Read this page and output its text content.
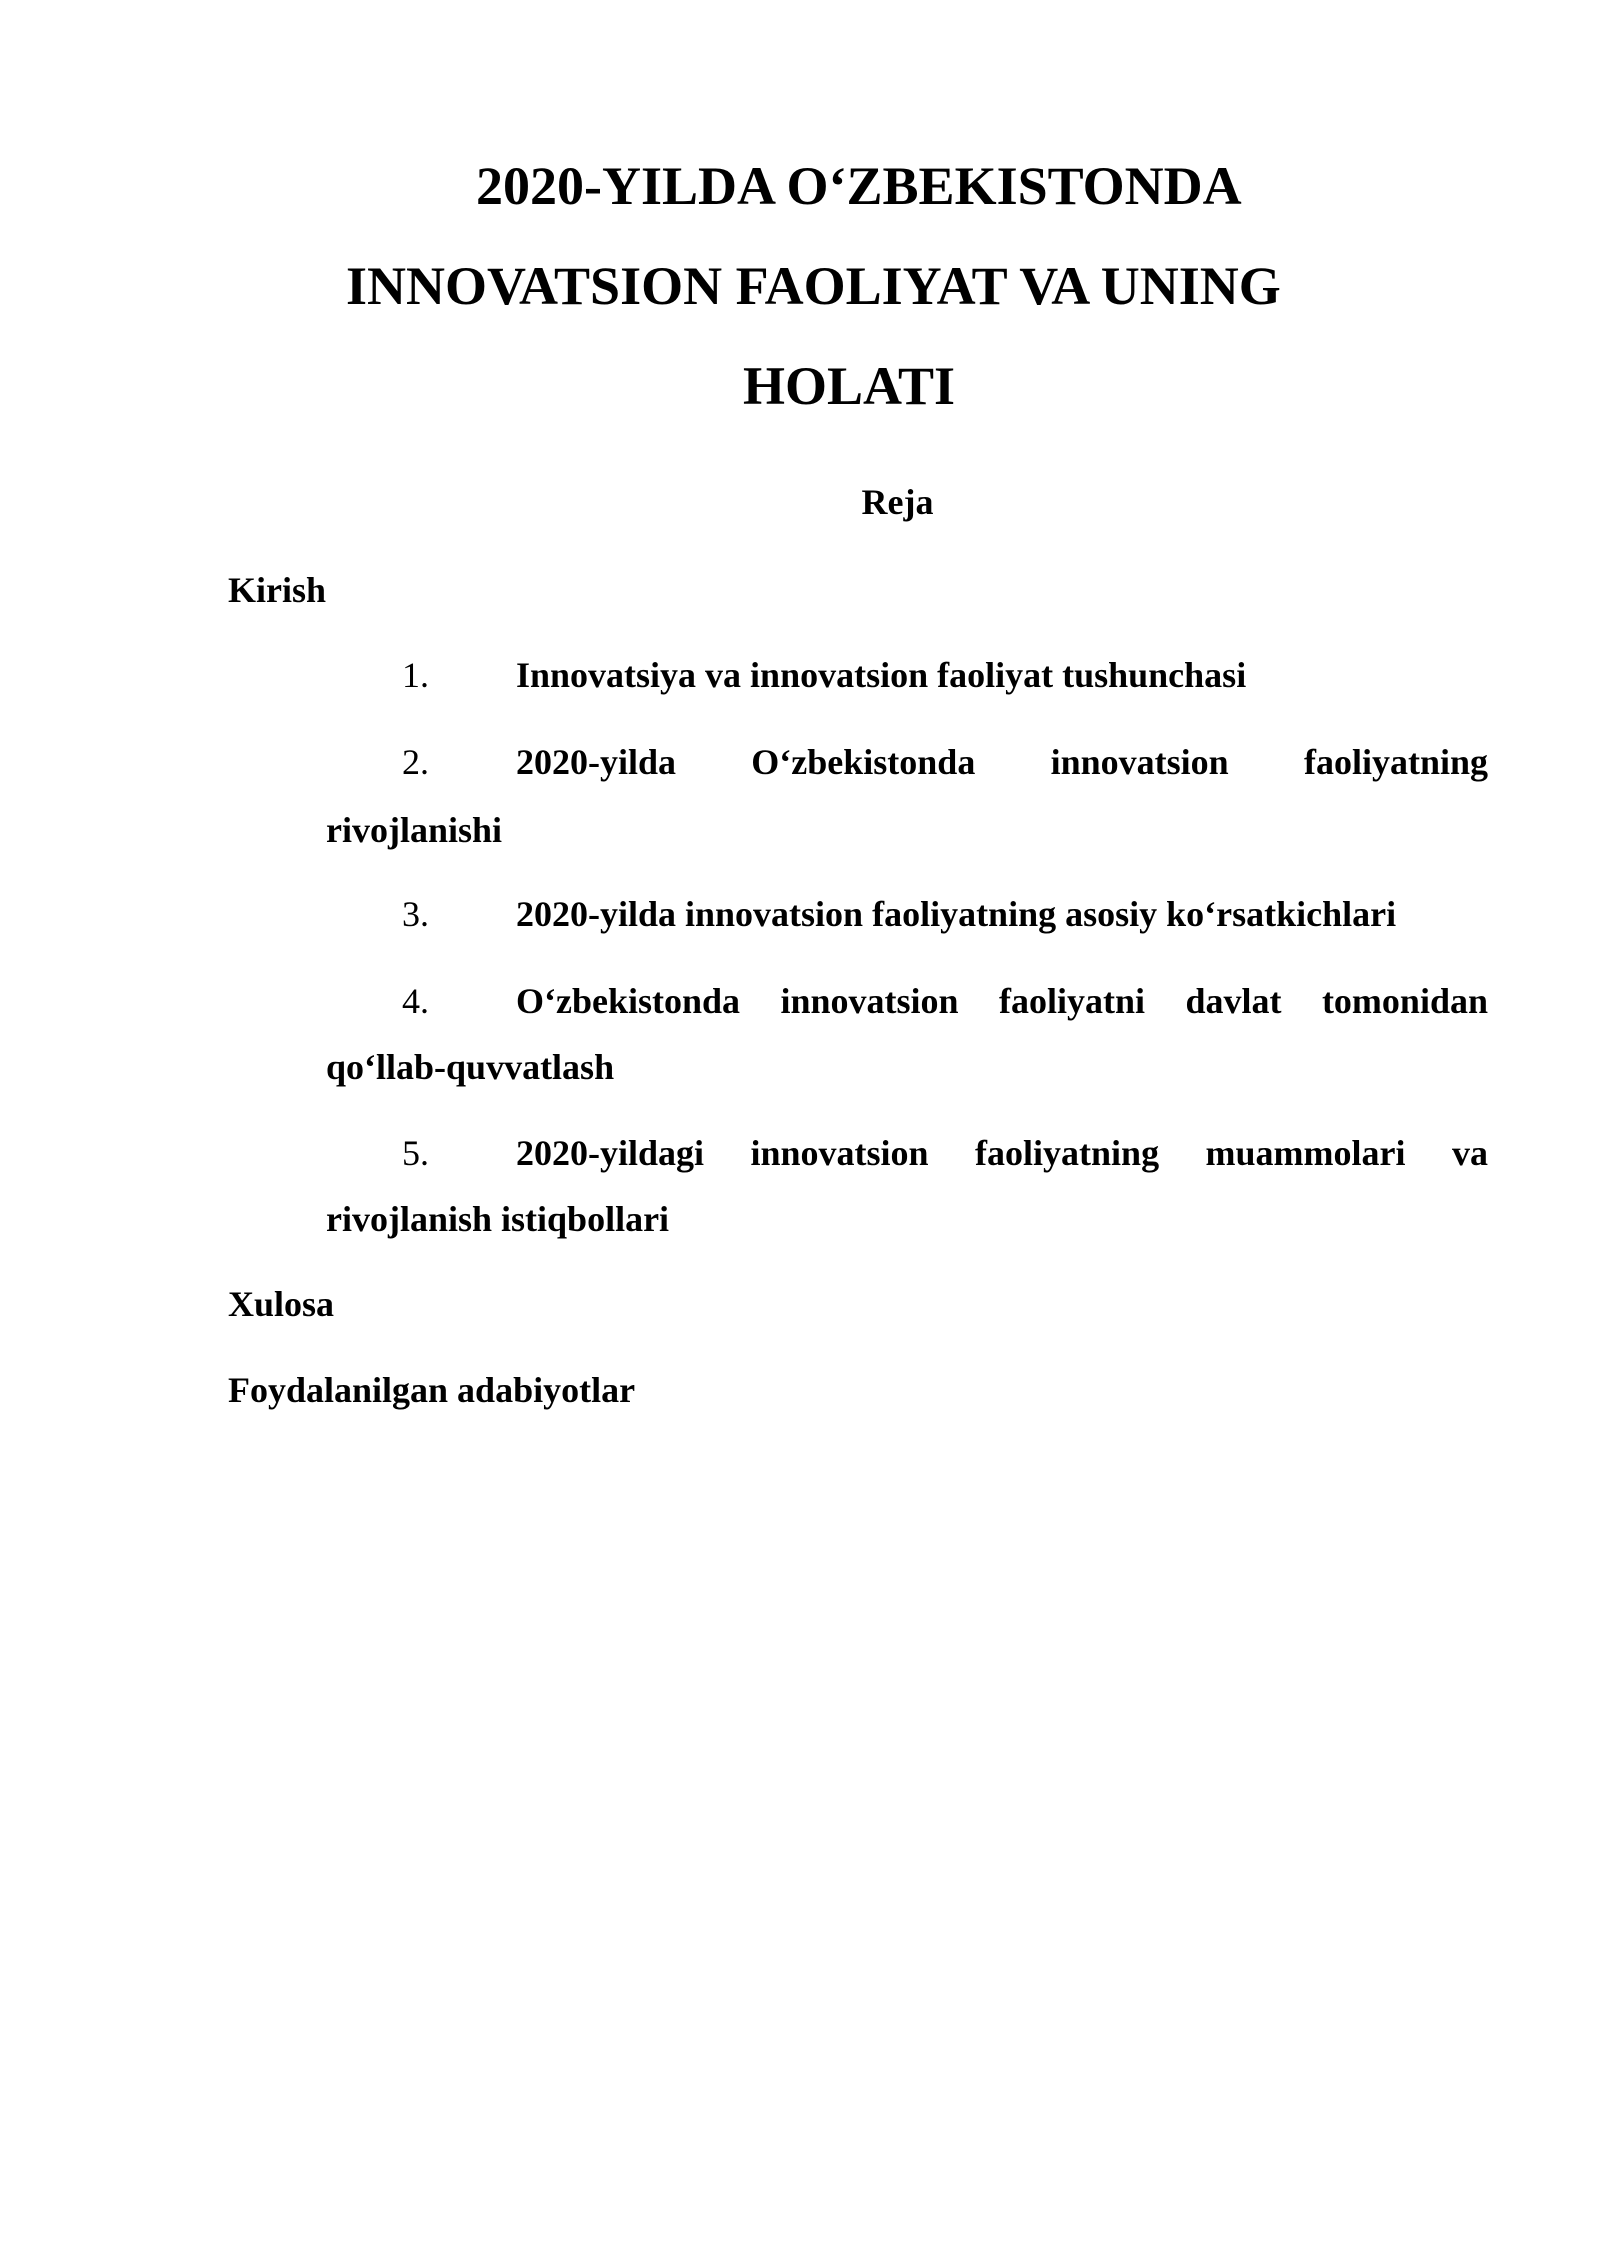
2020-YILDA O‘ZBEKISTONDA
INNOVATSION FAOLIYAT VA UNING
HOLATI
Reja
Kirish
1.	Innovatsiya va innovatsion faoliyat tushunchasi
2.	2020-yilda O‘zbekistonda innovatsion faoliyatning
rivojlanishi
3.	2020-yilda innovatsion faoliyatning asosiy ko‘rsatkichlari
4.	O‘zbekistonda innovatsion faoliyatni davlat tomonidan
qo‘llab-quvvatlash
5.	2020-yildagi innovatsion faoliyatning muammolari va
rivojlanish istiqbollari
Xulosa
Foydalanilgan adabiyotlar
